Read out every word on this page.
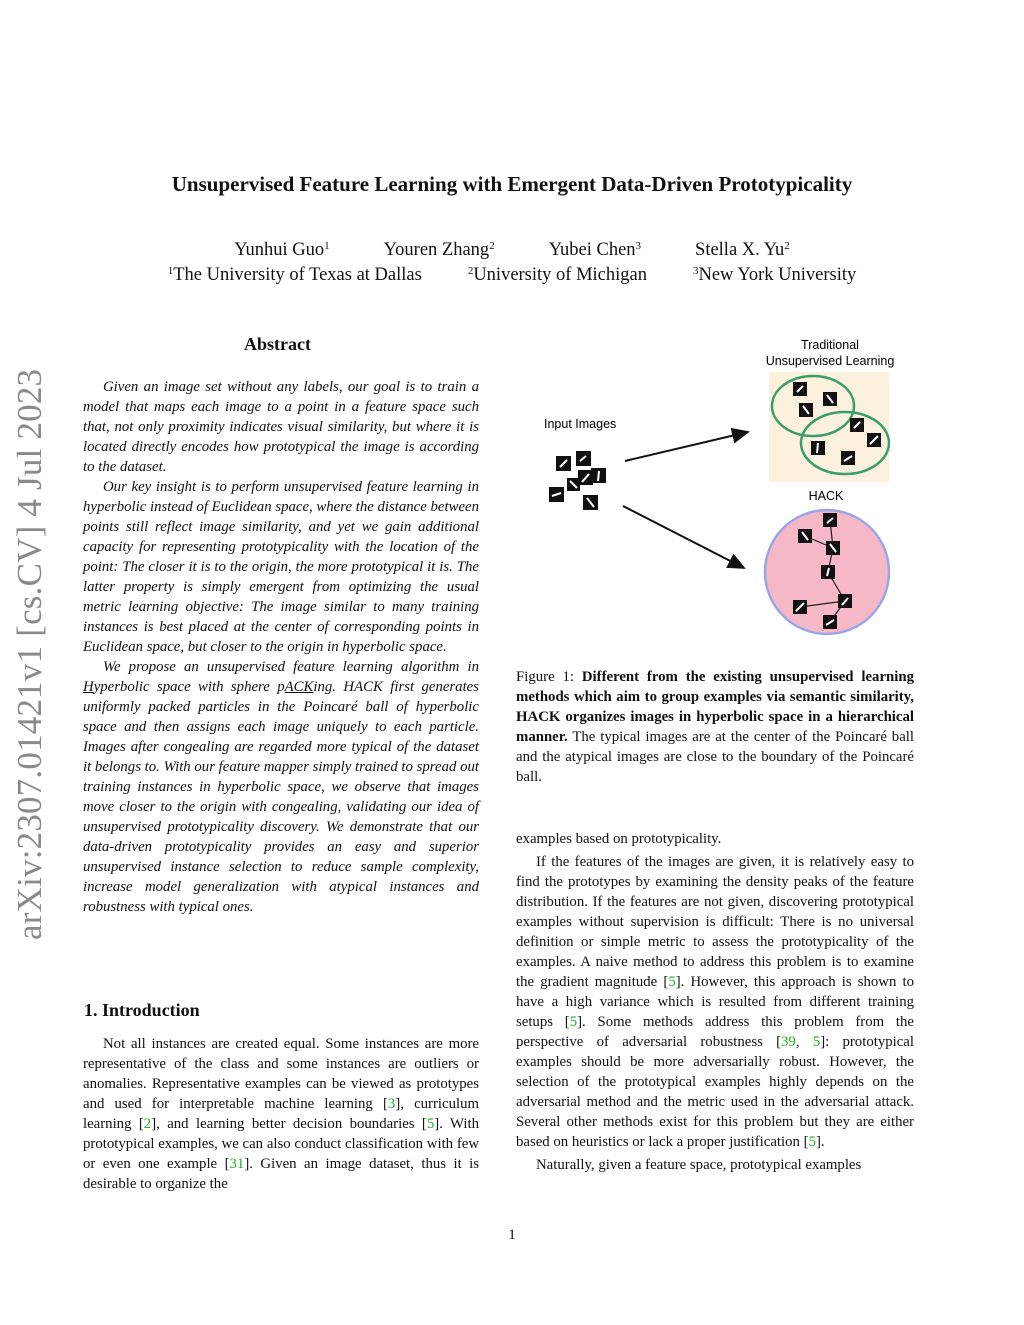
Unsupervised Feature Learning with Emergent Data-Driven Prototypicality
Yunhui Guo$^1$	Youren Zhang$^2$	Yubei Chen$^3$	Stella X. Yu$^2$
$^1$The University of Texas at Dallas	$^2$University of Michigan	$^3$New York University
arXiv:2307.01421v1 [cs.CV] 4 Jul 2023
Abstract

Given an image set without any labels, our goal is to train a model that maps each image to a point in a feature space such that, not only proximity indicates visual similarity, but where it is located directly encodes how prototypical the image is according to the dataset.

Our key insight is to perform unsupervised feature learning in hyperbolic instead of Euclidean space, where the distance between points still reflect image similarity, and yet we gain additional capacity for representing prototypicality with the location of the point: The closer it is to the origin, the more prototypical it is. The latter property is simply emergent from optimizing the usual metric learning objective: The image similar to many training instances is best placed at the center of corresponding points in Euclidean space, but closer to the origin in hyperbolic space.

We propose an unsupervised feature learning algorithm in Hyperbolic space with sphere pACKing. HACK first generates uniformly packed particles in the Poincaré ball of hyperbolic space and then assigns each image uniquely to each particle. Images after congealing are regarded more typical of the dataset it belongs to. With our feature mapper simply trained to spread out training instances in hyperbolic space, we observe that images move closer to the origin with congealing, validating our idea of unsupervised prototypicality discovery. We demonstrate that our data-driven prototypicality provides an easy and superior unsupervised instance selection to reduce sample complexity, increase model generalization with atypical instances and robustness with typical ones.

1. Introduction

Not all instances are created equal. Some instances are more representative of the class and some instances are outliers or anomalies. Representative examples can be viewed as prototypes and used for interpretable machine learning [3], curriculum learning [2], and learning better decision boundaries [5]. With prototypical examples, we can also conduct classification with few or even one example [31]. Given an image dataset, thus it is desirable to organize the

Input Images
Traditional
Unsupervised Learning
HACK
Figure 1: Different from the existing unsupervised learning methods which aim to group examples via semantic similarity, HACK organizes images in hyperbolic space in a hierarchical manner. The typical images are at the center of the Poincaré ball and the atypical images are close to the boundary of the Poincaré ball.

examples based on prototypicality.

If the features of the images are given, it is relatively easy to find the prototypes by examining the density peaks of the feature distribution. If the features are not given, discovering prototypical examples without supervision is difficult: There is no universal definition or simple metric to assess the prototypicality of the examples. A naive method to address this problem is to examine the gradient magnitude [5]. However, this approach is shown to have a high variance which is resulted from different training setups [5]. Some methods address this problem from the perspective of adversarial robustness [39, 5]: prototypical examples should be more adversarially robust. However, the selection of the prototypical examples highly depends on the adversarial method and the metric used in the adversarial attack. Several other methods exist for this problem but they are either based on heuristics or lack a proper justification [5].

Naturally, given a feature space, prototypical examples

1
